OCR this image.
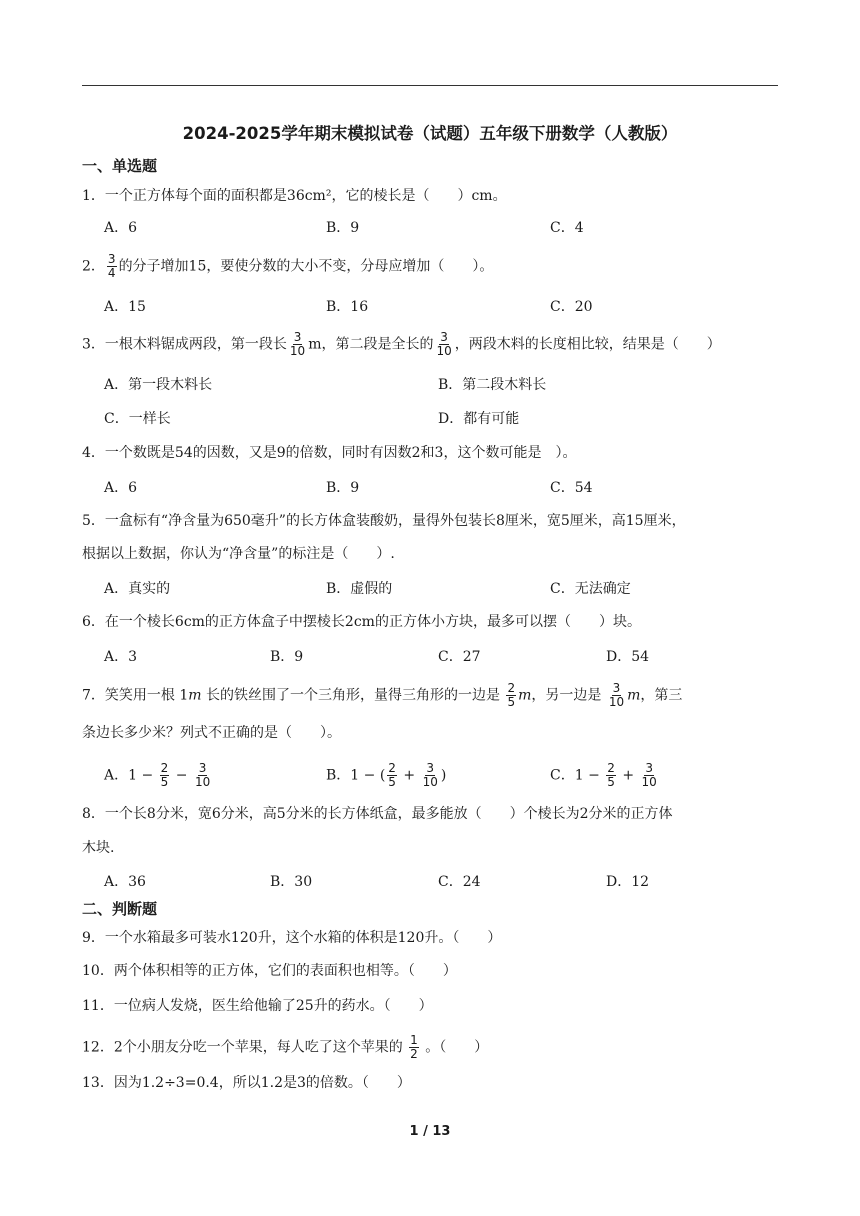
2024-2025学年期末模拟试卷（试题）五年级下册数学（人教版）
一、单选题
1．一个正方体每个面的面积都是36cm²，它的棱长是（　　）cm。
A．6	B．9	C．4
2． $\frac{3}{4}$ 的分子增加15，要使分数的大小不变，分母应增加（　　）。
A．15	B．16	C．20
3．一根木料锯成两段，第一段长 $\frac{3}{10}$ m，第二段是全长的 $\frac{3}{10}$ ，两段木料的长度相比较，结果是（　　）
A．第一段木料长	B．第二段木料长
C．一样长	D．都有可能
4．一个数既是54的因数，又是9的倍数，同时有因数2和3，这个数可能是　）。
A．6	B．9	C．54
5．一盒标有“净含量为650毫升”的长方体盒装酸奶，量得外包装长8厘米，宽5厘米，高15厘米，
根据以上数据，你认为“净含量”的标注是（　　）.
A．真实的	B．虚假的	C．无法确定
6．在一个棱长6cm的正方体盒子中摆棱长2cm的正方体小方块，最多可以摆（　　）块。
A．3	B．9	C．27	D．54
7．笑笑用一根 1m 长的铁丝围了一个三角形，量得三角形的一边是 $\frac{2}{5}$ m，另一边是 $\frac{3}{10}$ m，第三
条边长多少米？列式不正确的是（　　）。
A．$1 - \frac{2}{5} - \frac{3}{10}$	B．1 − ( $\frac{2}{5} + \frac{3}{10}$ )	C．$1 - \frac{2}{5} + \frac{3}{10}$
8．一个长8分米，宽6分米，高5分米的长方体纸盒，最多能放（　　）个棱长为2分米的正方体
木块.
A．36	B．30	C．24	D．12
二、判断题
9．一个水箱最多可装水120升，这个水箱的体积是120升。（　　）
10．两个体积相等的正方体，它们的表面积也相等。（　　）
11．一位病人发烧，医生给他输了25升的药水。（　　）
12．2个小朋友分吃一个苹果，每人吃了这个苹果的 $\frac{1}{2}$ 。（　　）
13．因为1.2÷3=0.4，所以1.2是3的倍数。（　　）
1 / 13
